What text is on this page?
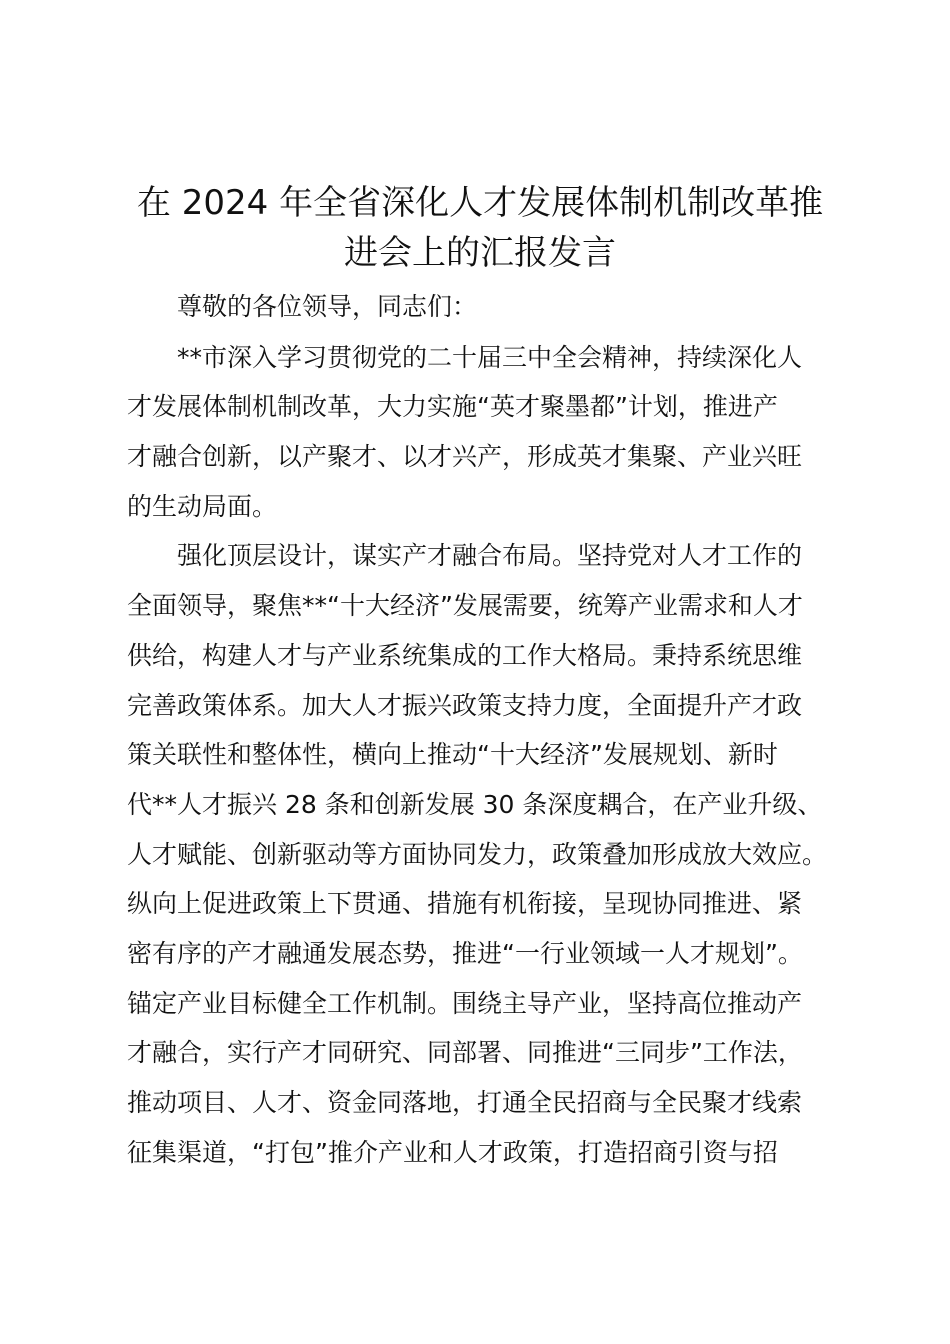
在 2024 年全省深化人才发展体制机制改革推
进会上的汇报发言
尊敬的各位领导，同志们：
**市深入学习贯彻党的二十届三中全会精神，持续深化人
才发展体制机制改革，大力实施“英才聚墨都”计划，推进产
才融合创新，以产聚才、以才兴产，形成英才集聚、产业兴旺
的生动局面。
强化顶层设计，谋实产才融合布局。坚持党对人才工作的
全面领导，聚焦**“十大经济”发展需要，统筹产业需求和人才
供给，构建人才与产业系统集成的工作大格局。秉持系统思维
完善政策体系。加大人才振兴政策支持力度，全面提升产才政
策关联性和整体性，横向上推动“十大经济”发展规划、新时
代**人才振兴 28 条和创新发展 30 条深度耦合，在产业升级、
人才赋能、创新驱动等方面协同发力，政策叠加形成放大效应。
纵向上促进政策上下贯通、措施有机衔接，呈现协同推进、紧
密有序的产才融通发展态势，推进“一行业领域一人才规划”。
锚定产业目标健全工作机制。围绕主导产业，坚持高位推动产
才融合，实行产才同研究、同部署、同推进“三同步”工作法，
推动项目、人才、资金同落地，打通全民招商与全民聚才线索
征集渠道，“打包”推介产业和人才政策，打造招商引资与招
